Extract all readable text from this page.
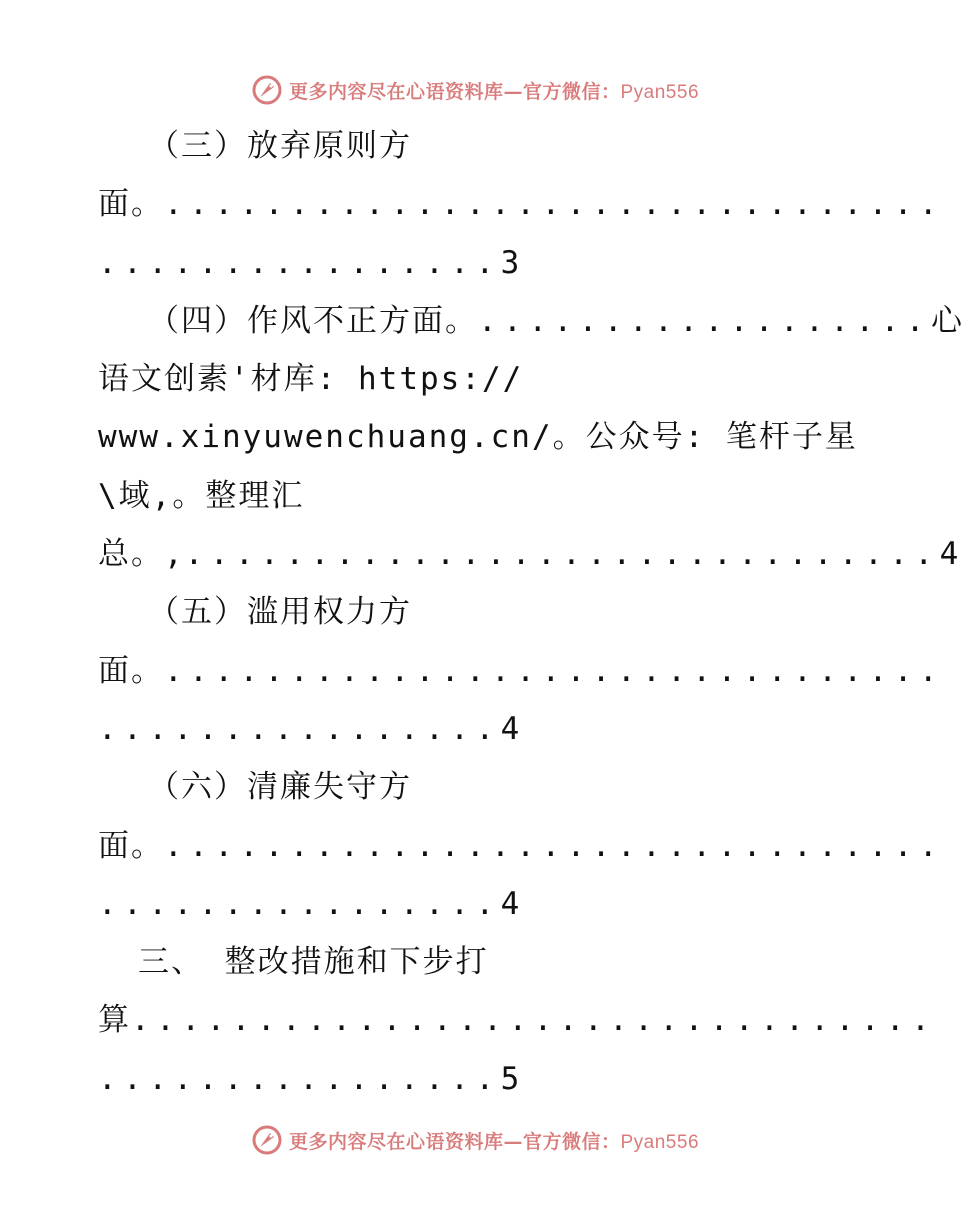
更多内容尽在心语资料库—官方微信：Pyan556
（三）放弃原则方
面。...............................
................3
（四）作风不正方面。..................心
语文创素'材库: https://
www.xinyuwenchuang.cn/。公众号: 笔杆子星
\域,。整理汇
总。,..............................4
（五）滥用权力方
面。...............................
................4
（六）清廉失守方
面。...............................
................4
三、 整改措施和下步打
算................................
................5
更多内容尽在心语资料库—官方微信：Pyan556
